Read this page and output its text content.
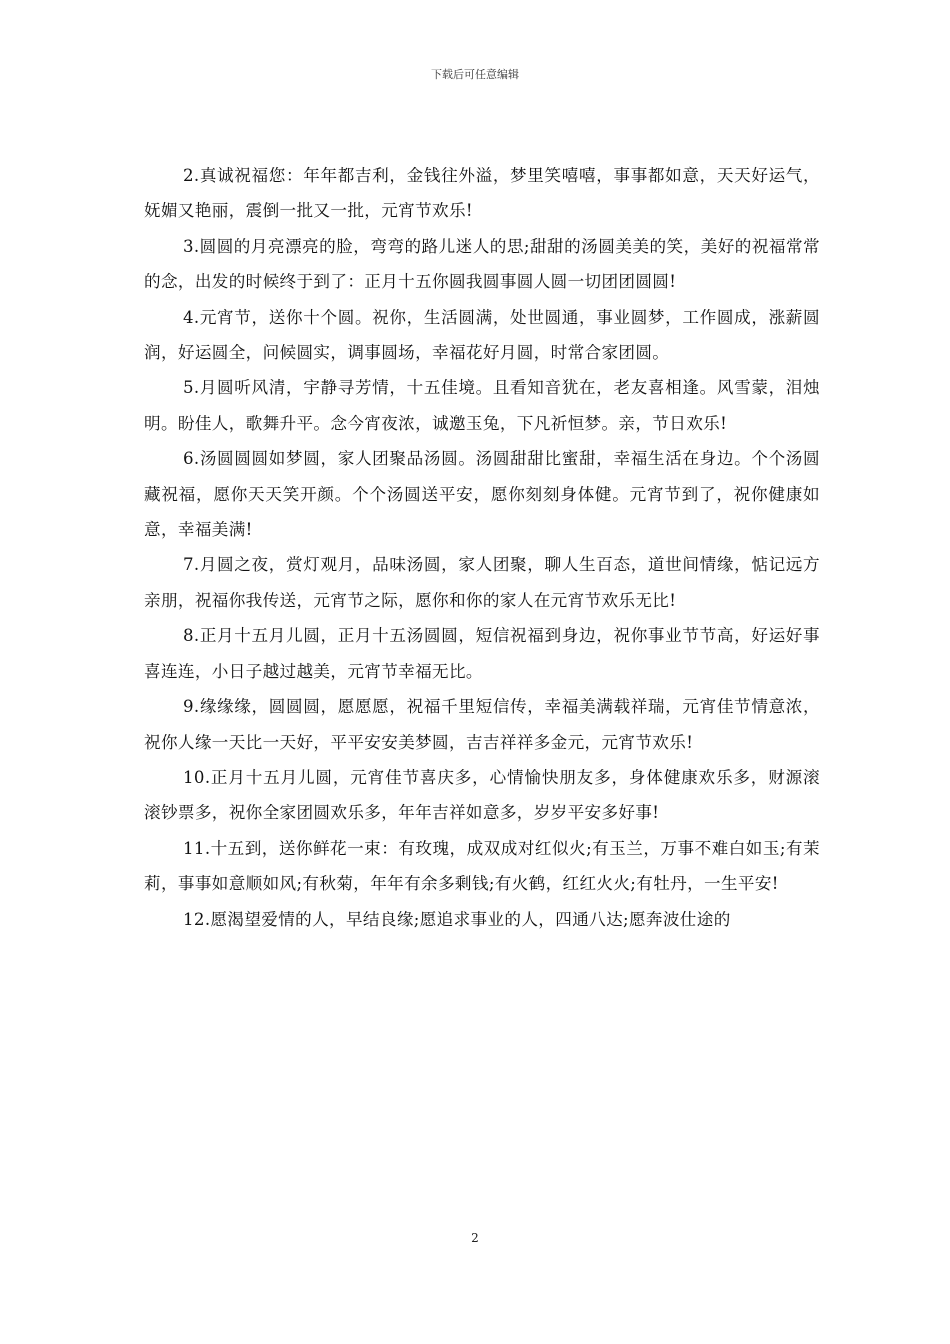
下载后可任意编辑

2.真诚祝福您：年年都吉利，金钱往外溢，梦里笑嘻嘻，事事都如意，天天好运气，妩媚又艳丽，震倒一批又一批，元宵节欢乐!

3.圆圆的月亮漂亮的脸，弯弯的路儿迷人的思;甜甜的汤圆美美的笑，美好的祝福常常的念，出发的时候终于到了：正月十五你圆我圆事圆人圆一切团团圆圆!

4.元宵节，送你十个圆。祝你，生活圆满，处世圆通，事业圆梦，工作圆成，涨薪圆润，好运圆全，问候圆实，调事圆场，幸福花好月圆，时常合家团圆。

5.月圆听风清，宇静寻芳情，十五佳境。且看知音犹在，老友喜相逢。风雪蒙，泪烛明。盼佳人，歌舞升平。念今宵夜浓，诚邀玉兔，下凡祈恒梦。亲，节日欢乐!

6.汤圆圆圆如梦圆，家人团聚品汤圆。汤圆甜甜比蜜甜，幸福生活在身边。个个汤圆藏祝福，愿你天天笑开颜。个个汤圆送平安，愿你刻刻身体健。元宵节到了，祝你健康如意，幸福美满!

7.月圆之夜，赏灯观月，品味汤圆，家人团聚，聊人生百态，道世间情缘，惦记远方亲朋，祝福你我传送，元宵节之际，愿你和你的家人在元宵节欢乐无比!

8.正月十五月儿圆，正月十五汤圆圆，短信祝福到身边，祝你事业节节高，好运好事喜连连，小日子越过越美，元宵节幸福无比。

9.缘缘缘，圆圆圆，愿愿愿，祝福千里短信传，幸福美满载祥瑞，元宵佳节情意浓，祝你人缘一天比一天好，平平安安美梦圆，吉吉祥祥多金元，元宵节欢乐!

10.正月十五月儿圆，元宵佳节喜庆多，心情愉快朋友多，身体健康欢乐多，财源滚滚钞票多，祝你全家团圆欢乐多，年年吉祥如意多，岁岁平安多好事!

11.十五到，送你鲜花一束：有玫瑰，成双成对红似火;有玉兰，万事不难白如玉;有茉莉，事事如意顺如风;有秋菊，年年有余多剩钱;有火鹤，红红火火;有牡丹，一生平安!

12.愿渴望爱情的人，早结良缘;愿追求事业的人，四通八达;愿奔波仕途的

2
